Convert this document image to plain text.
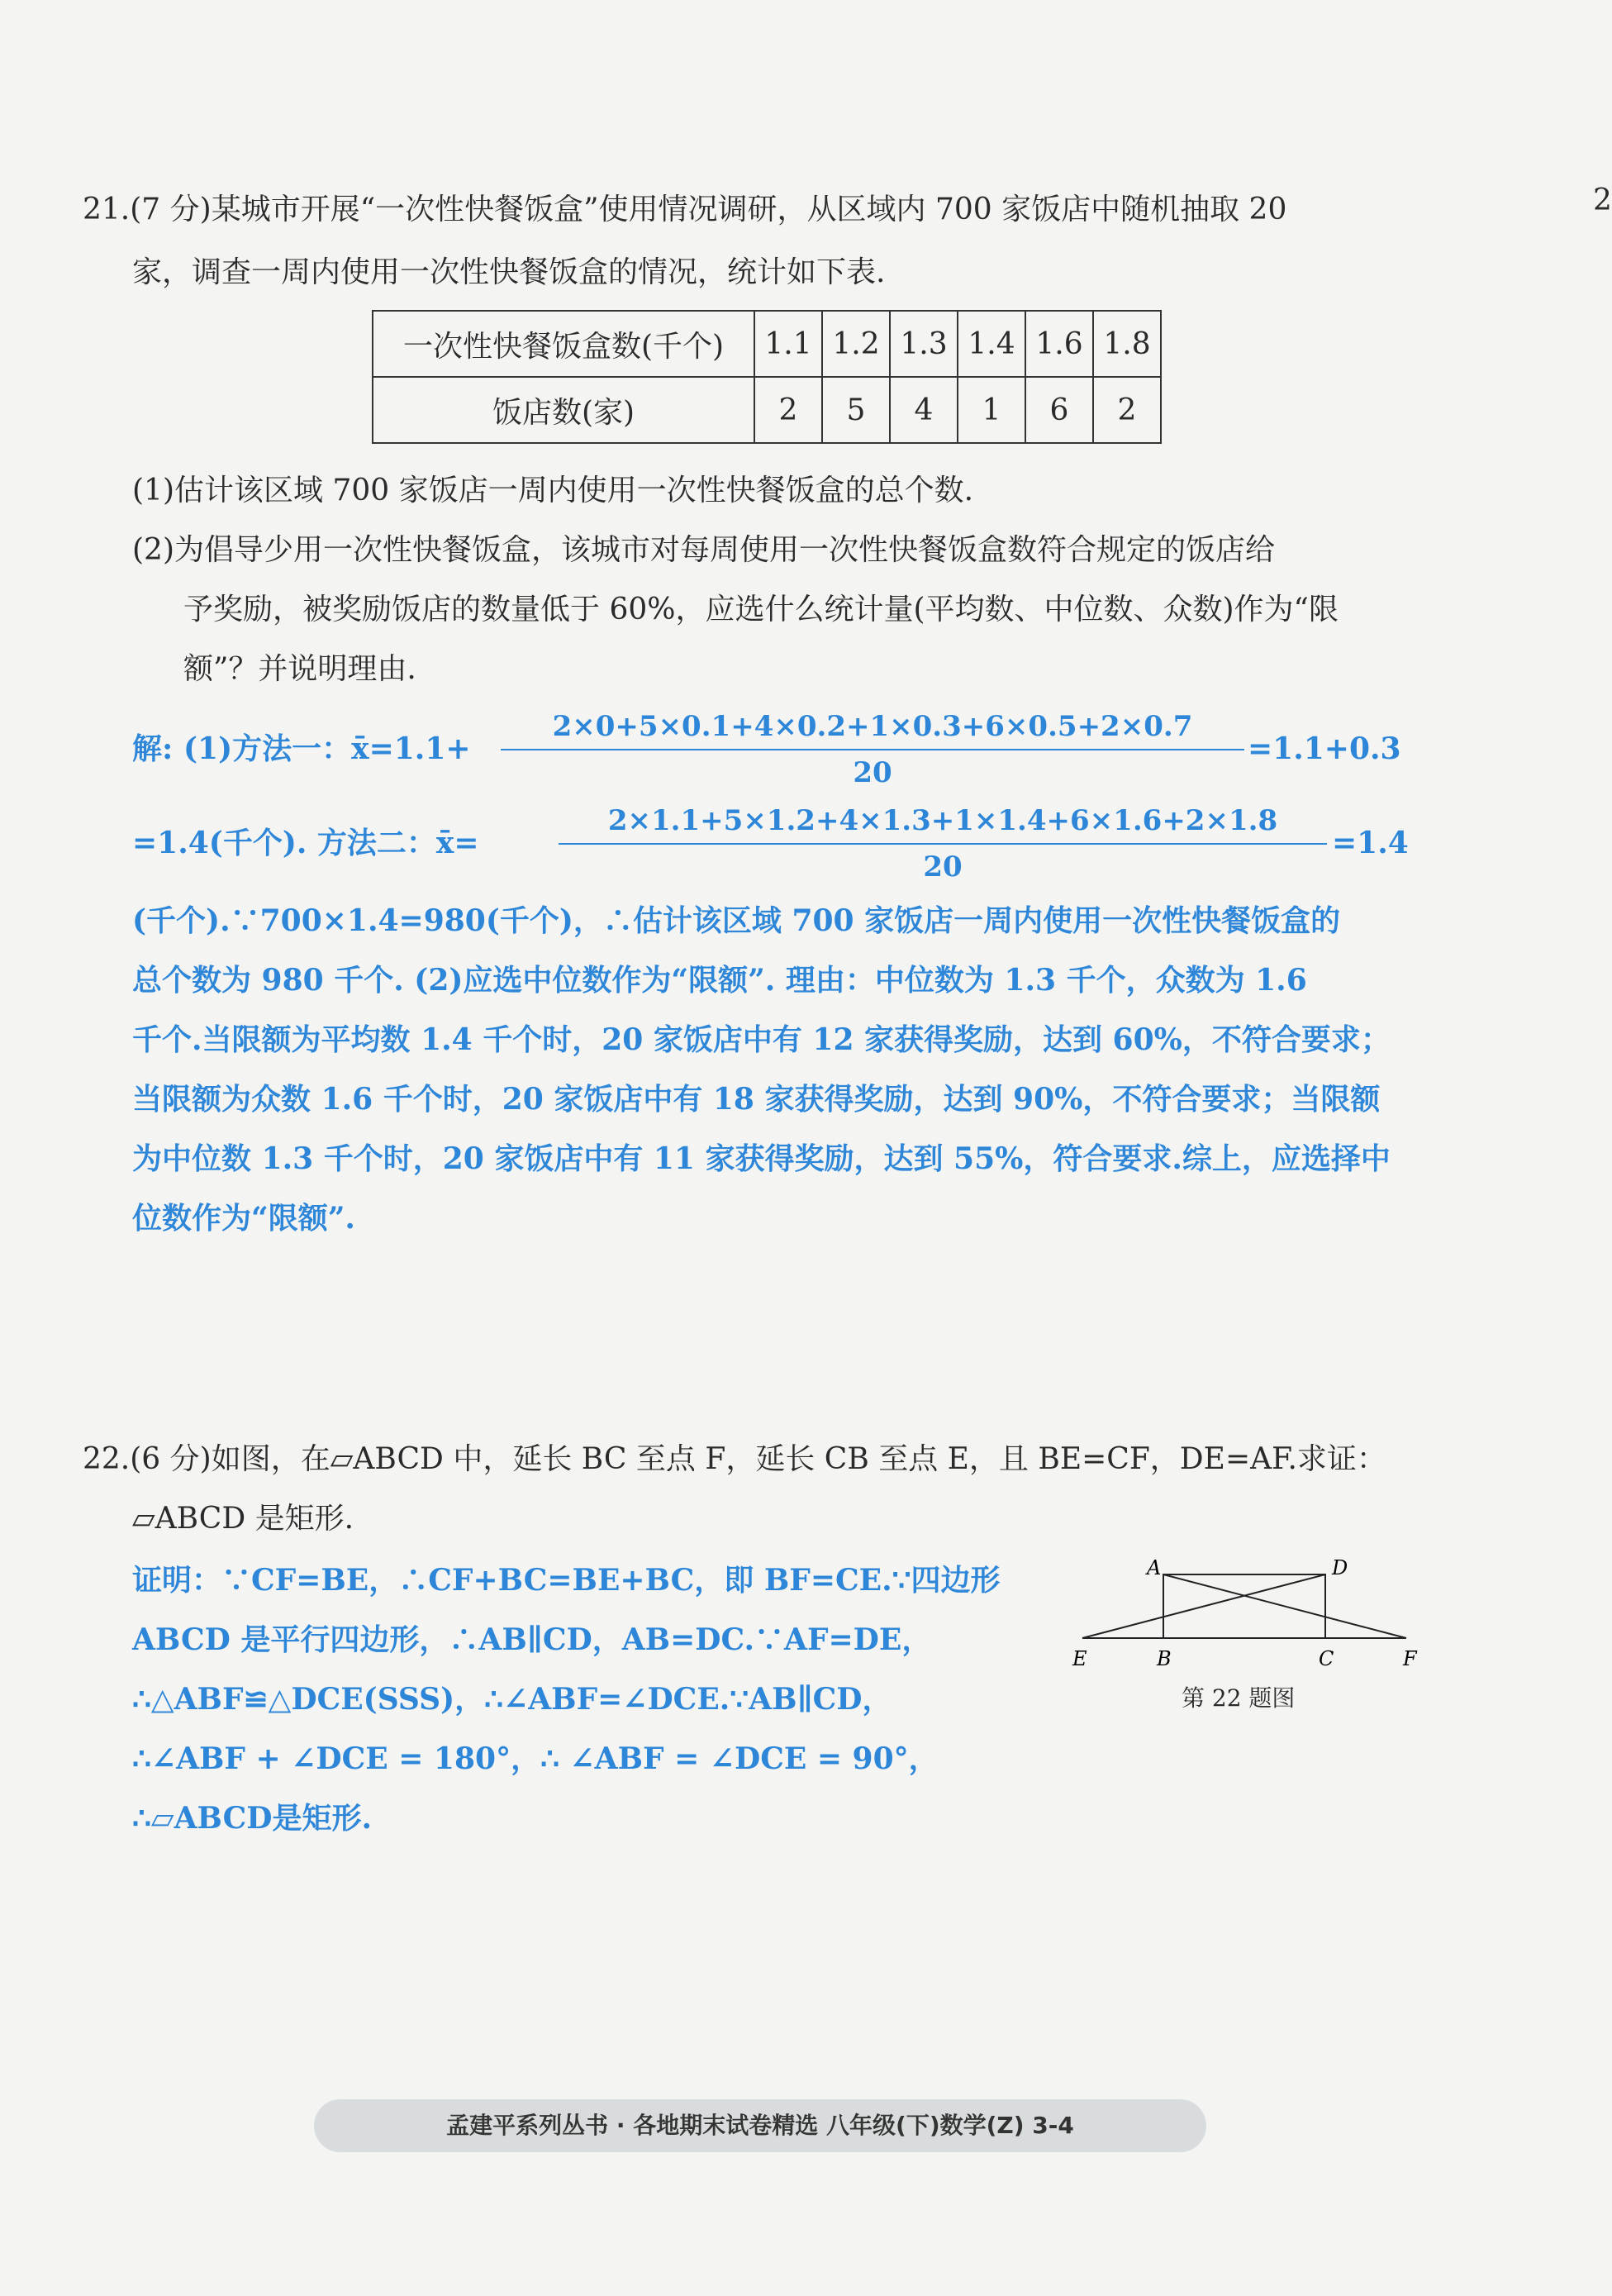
2
21.(7 分)某城市开展“一次性快餐饭盒”使用情况调研，从区域内 700 家饭店中随机抽取 20
家，调查一周内使用一次性快餐饭盒的情况，统计如下表.
一次性快餐饭盒数(千个)	1.1	1.2	1.3	1.4	1.6	1.8
饭店数(家)	2	5	4	1	6	2
(1)估计该区域 700 家饭店一周内使用一次性快餐饭盒的总个数.
(2)为倡导少用一次性快餐饭盒，该城市对每周使用一次性快餐饭盒数符合规定的饭店给
予奖励，被奖励饭店的数量低于 60%，应选什么统计量(平均数、中位数、众数)作为“限
额”？并说明理由.
解: (1)方法一：x̄=1.1+ $\frac{2\times 0+5\times 0.1+4\times 0.2+1\times 0.3+6\times 0.5+2\times 0.7}{20} =1.1+0.3$
=1.4(千个). 方法二：x̄=	$\frac{2\times 1.1+5\times 1.2+4\times 1.3+1\times 1.4+6\times 1.6+2\times 1.8}{20} =1.4$
(千个).∵700×1.4=980(千个)，∴估计该区域 700 家饭店一周内使用一次性快餐饭盒的
总个数为 980 千个. (2)应选中位数作为“限额”. 理由：中位数为 1.3 千个，众数为 1.6
千个.当限额为平均数 1.4 千个时，20 家饭店中有 12 家获得奖励，达到 60%，不符合要求；
当限额为众数 1.6 千个时，20 家饭店中有 18 家获得奖励，达到 90%，不符合要求；当限额
为中位数 1.3 千个时，20 家饭店中有 11 家获得奖励，达到 55%，符合要求.综上，应选择中
位数作为“限额”.
22.(6 分)如图，在▱ABCD 中，延长 BC 至点 F，延长 CB 至点 E，且 BE=CF，DE=AF.求证：
▱ABCD 是矩形.
证明：∵CF=BE，∴CF+BC=BE+BC，即 BF=CE.∵四边形
ABCD 是平行四边形，∴AB∥CD，AB=DC.∵AF=DE，
∴△ABF≌△DCE(SSS)，∴∠ABF=∠DCE.∵AB∥CD，
∴∠ABF + ∠DCE = 180°，∴ ∠ABF = ∠DCE = 90°，
∴▱ABCD是矩形.
A	D
E	B	C	F
第 22 题图
孟建平系列丛书 · 各地期末试卷精选 八年级(下)数学(Z) 3-4
